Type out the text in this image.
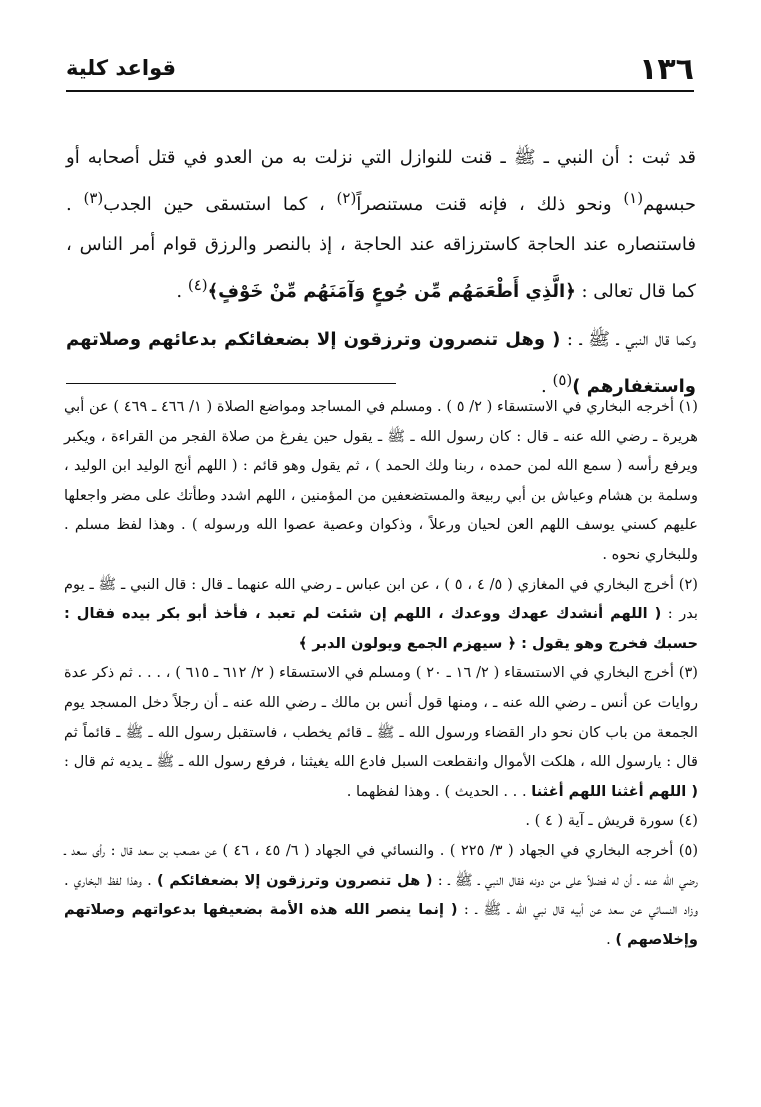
١٣٦
قواعد كلية

قد ثبت : أن النبي ـ ﷺ ـ قنت للنوازل التي نزلت به من العدو في قتل أصحابه أو حبسهم$^{(١)}$ ونحو ذلك ، فإنه قنت مستنصراً$^{(٢)}$ ، كما استسقى حين الجدب$^{(٣)}$ . فاستنصاره عند الحاجة كاسترزاقه عند الحاجة ، إذ بالنصر والرزق قوام أمر الناس ، كما قال تعالى : ﴿الَّذِي أَطْعَمَهُم مِّن جُوعٍ وَآمَنَهُم مِّنْ خَوْفٍ﴾$^{(٤)}$ .

وكما قال النبي ـ ﷺ ـ : ( وهل تنصرون وترزقون إلا بضعفائكم بدعائهم وصلاتهم واستغفارهم )$^{(٥)}$ .

(١) أخرجه البخاري في الاستسقاء ( ٢/ ٥ ) . ومسلم في المساجد ومواضع الصلاة ( ١/ ٤٦٦ ـ ٤٦٩ ) عن أبي هريرة ـ رضي الله عنه ـ قال : كان رسول الله ـ ﷺ ـ يقول حين يفرغ من صلاة الفجر من القراءة ، ويكبر ويرفع رأسه ( سمع الله لمن حمده ، ربنا ولك الحمد ) ، ثم يقول وهو قائم : ( اللهم أنج الوليد ابن الوليد ، وسلمة بن هشام وعياش بن أبي ربيعة والمستضعفين من المؤمنين ، اللهم اشدد وطأتك على مضر واجعلها عليهم كسني يوسف اللهم العن لحيان ورعلاً ، وذكوان وعصية عصوا الله ورسوله ) . وهذا لفظ مسلم . وللبخاري نحوه .

(٢) أخرج البخاري في المغازي ( ٥/ ٤ ، ٥ ) ، عن ابن عباس ـ رضي الله عنهما ـ قال : قال النبي ـ ﷺ ـ يوم بدر : ( اللهم أنشدك عهدك ووعدك ، اللهم إن شئت لم تعبد ، فأخذ أبو بكر بيده فقال : حسبك فخرج وهو يقول : ﴿ سيهزم الجمع ويولون الدبر ﴾

(٣) أخرج البخاري في الاستسقاء ( ٢/ ١٦ ـ ٢٠ ) ومسلم في الاستسقاء ( ٢/ ٦١٢ ـ ٦١٥ ) ، . . . ثم ذكر عدة روايات عن أنس ـ رضي الله عنه ـ ، ومنها قول أنس بن مالك ـ رضي الله عنه ـ أن رجلاً دخل المسجد يوم الجمعة من باب كان نحو دار القضاء ورسول الله ـ ﷺ ـ قائم يخطب ، فاستقبل رسول الله ـ ﷺ ـ قائماً ثم قال : يارسول الله ، هلكت الأموال وانقطعت السبل فادع الله يغيثنا ، فرفع رسول الله ـ ﷺ ـ يديه ثم قال : ( اللهم أغثنا اللهم أغثنا . . . الحديث ) . وهذا لفظهما .

(٤) سورة قريش ـ آية ( ٤ ) .

(٥) أخرجه البخاري في الجهاد ( ٣/ ٢٢٥ ) . والنسائي في الجهاد ( ٦/ ٤٥ ، ٤٦ ) عن مصعب بن سعد قال : رأى سعد ـ رضي الله عنه ـ أن له فضلاً على من دونه فقال النبي ـ ﷺ ـ : ( هل تنصرون وترزقون إلا بضعفائكم ) . وهذا لفظ البخاري . وزاد النسائي عن سعد عن أبيه قال نبي الله ـ ﷺ ـ : ( إنما ينصر الله هذه الأمة بضعيفها بدعواتهم وصلاتهم وإخلاصهم ) .
